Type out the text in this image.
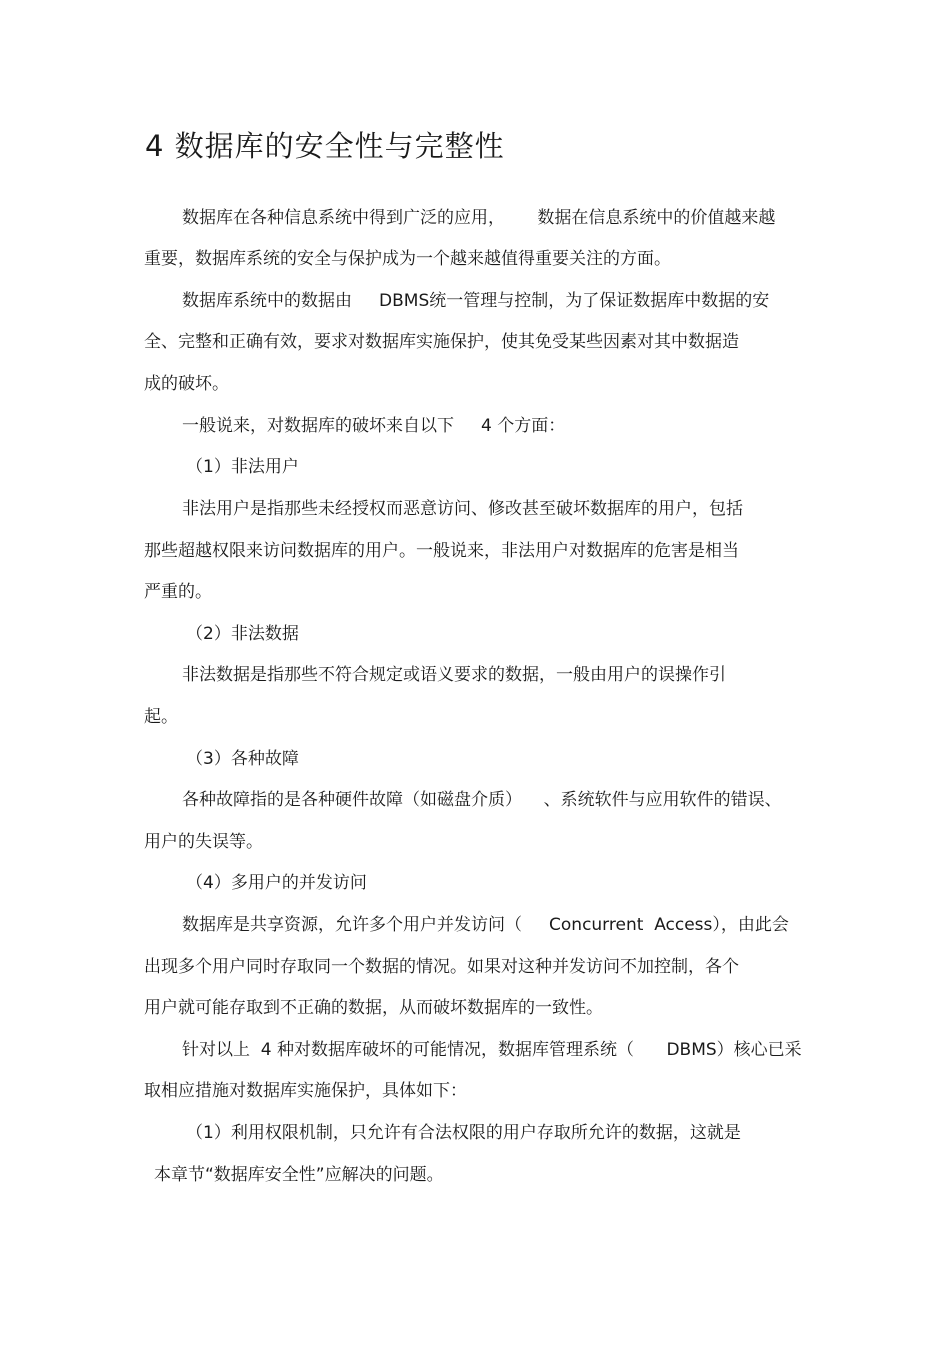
4 数据库的安全性与完整性

数据库在各种信息系统中得到广泛的应用，      数据在信息系统中的价值越来越

重要，数据库系统的安全与保护成为一个越来越值得重要关注的方面。

数据库系统中的数据由     DBMS统一管理与控制，为了保证数据库中数据的安

全、完整和正确有效，要求对数据库实施保护，使其免受某些因素对其中数据造

成的破坏。

一般说来，对数据库的破坏来自以下     4 个方面：

（1）非法用户

非法用户是指那些未经授权而恶意访问、修改甚至破坏数据库的用户，包括

那些超越权限来访问数据库的用户。一般说来，非法用户对数据库的危害是相当

严重的。

（2）非法数据

非法数据是指那些不符合规定或语义要求的数据，一般由用户的误操作引

起。

（3）各种故障

各种故障指的是各种硬件故障（如磁盘介质）    、系统软件与应用软件的错误、

用户的失误等。

（4）多用户的并发访问

数据库是共享资源，允许多个用户并发访问（     Concurrent  Access），由此会

出现多个用户同时存取同一个数据的情况。如果对这种并发访问不加控制，各个

用户就可能存取到不正确的数据，从而破坏数据库的一致性。

针对以上  4 种对数据库破坏的可能情况，数据库管理系统（      DBMS）核心已采

取相应措施对数据库实施保护，具体如下：

（1）利用权限机制，只允许有合法权限的用户存取所允许的数据，这就是

本章节“数据库安全性”应解决的问题。
